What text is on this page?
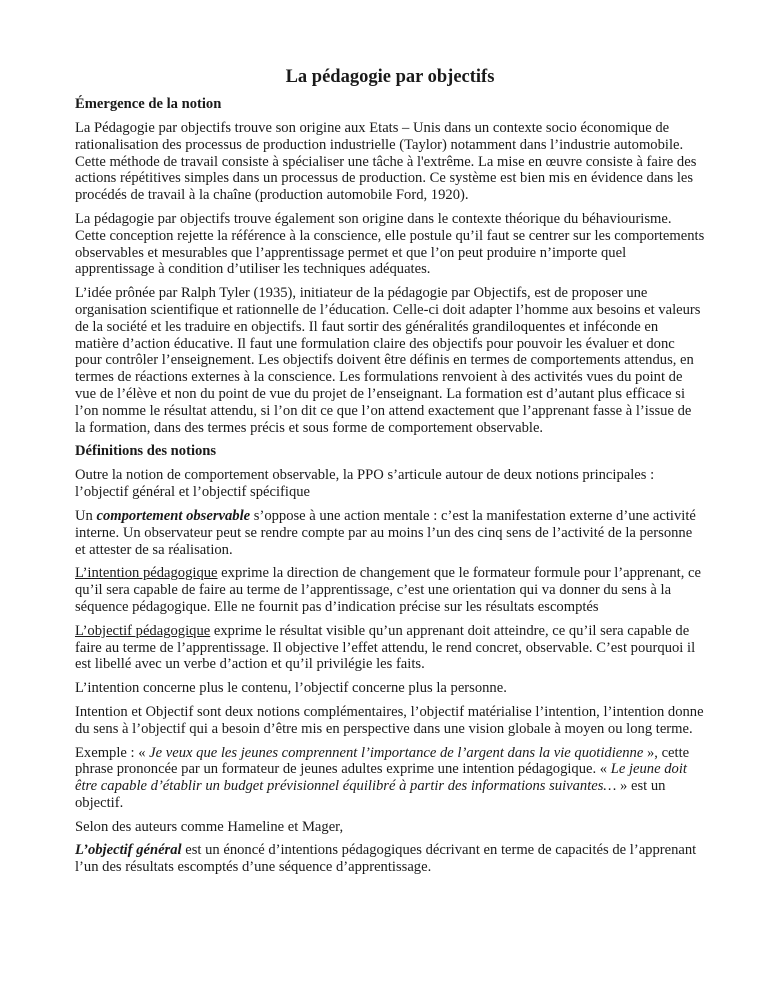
La pédagogie par objectifs
Émergence de la notion

La Pédagogie par objectifs trouve son origine aux Etats – Unis dans un contexte socio économique de rationalisation des processus de production industrielle (Taylor) notamment dans l’industrie automobile. Cette méthode de travail consiste à spécialiser une tâche à l'extrême. La mise en œuvre consiste à faire des actions répétitives simples dans un processus de production. Ce système est bien mis en évidence dans les procédés de travail à la chaîne (production automobile Ford, 1920).

La pédagogie par objectifs trouve également son origine dans le contexte théorique du béhaviourisme. Cette conception rejette la référence à la conscience, elle postule qu’il faut se centrer sur les comportements observables et mesurables que l’apprentissage permet et que l’on peut produire n’importe quel apprentissage à condition d’utiliser les techniques adéquates.

L’idée prônée par Ralph Tyler (1935), initiateur de la pédagogie par Objectifs, est de proposer une organisation scientifique et rationnelle de l’éducation. Celle-ci doit adapter l’homme aux besoins et valeurs de la société et les traduire en objectifs. Il faut sortir des généralités grandiloquentes et inféconde en matière d’action éducative. Il faut une formulation claire des objectifs pour pouvoir les évaluer et donc pour contrôler l’enseignement. Les objectifs doivent être définis en termes de comportements attendus, en termes de réactions externes à la conscience. Les formulations renvoient à des activités vues du point de vue de l’élève et non du point de vue du projet de l’enseignant. La formation est d’autant plus efficace si l’on nomme le résultat attendu, si l’on dit ce que l’on attend exactement que l’apprenant fasse à l’issue de la formation, dans des termes précis et sous forme de comportement observable.

Définitions des notions

Outre la notion de comportement observable, la PPO s’articule autour de deux notions principales : l’objectif général et l’objectif spécifique

Un comportement observable s’oppose à une action mentale : c’est la manifestation externe d’une activité interne. Un observateur peut se rendre compte par au moins l’un des cinq sens de l’activité de la personne et attester de sa réalisation.

L’intention pédagogique exprime la direction de changement que le formateur formule pour l’apprenant, ce qu’il sera capable de faire au terme de l’apprentissage, c’est une orientation qui va donner du sens à la séquence pédagogique. Elle ne fournit pas d’indication précise sur les résultats escomptés

L’objectif pédagogique exprime le résultat visible qu’un apprenant doit atteindre, ce qu’il sera capable de faire au terme de l’apprentissage. Il objective l’effet attendu, le rend concret, observable. C’est pourquoi il est libellé avec un verbe d’action et qu’il privilégie les faits.

L’intention concerne plus le contenu, l’objectif concerne plus la personne.

Intention et Objectif sont deux notions complémentaires, l’objectif matérialise l’intention, l’intention donne du sens à l’objectif qui a besoin d’être mis en perspective dans une vision globale à moyen ou long terme.

Exemple : « Je veux que les jeunes comprennent l’importance de l’argent dans la vie quotidienne », cette phrase prononcée par un formateur de jeunes adultes exprime une intention pédagogique. « Le jeune doit être capable d’établir un budget prévisionnel équilibré à partir des informations suivantes… » est un objectif.

Selon des auteurs comme Hameline et Mager,

L’objectif général est un énoncé d’intentions pédagogiques décrivant en terme de capacités de l’apprenant l’un des résultats escomptés d’une séquence d’apprentissage.
